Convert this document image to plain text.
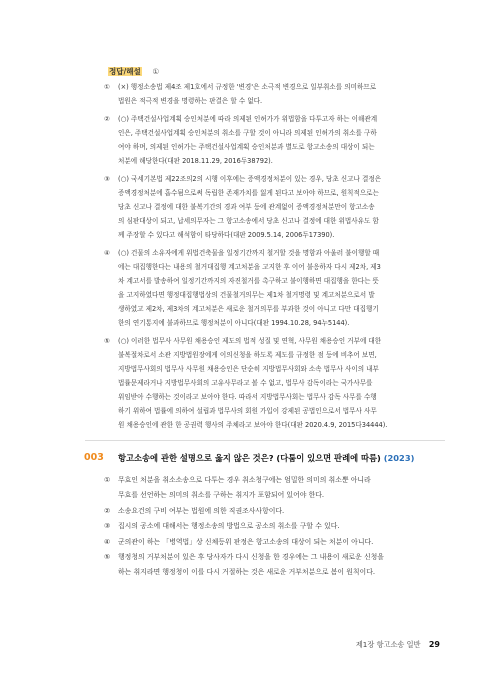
정답/해설 ①
① (×) 행정소송법 제4조 제1호에서 규정한 '변경'은 소극적 변경으로 일부취소를 의미하므로
법원은 적극적 변경을 명령하는 판결은 할 수 없다.
② (○) 주택건설사업계획 승인처분에 따라 의제된 인허가가 위법함을 다투고자 하는 이해관계
인은, 주택건설사업계획 승인처분의 취소를 구할 것이 아니라 의제된 인허가의 취소를 구하
여야 하며, 의제된 인허가는 주택건설사업계획 승인처분과 별도로 항고소송의 대상이 되는
처분에 해당한다(대판 2018.11.29, 2016두38792).
③ (○) 국세기본법 제22조의2의 시행 이후에는 증액경정처분이 있는 경우, 당초 신고나 결정은
증액경정처분에 흡수됨으로써 독립한 존재가치를 잃게 된다고 보아야 하므로, 원칙적으로는
당초 신고나 결정에 대한 불복기간의 경과 여부 등에 관계없이 증액경정처분만이 항고소송
의 심판대상이 되고, 납세의무자는 그 항고소송에서 당초 신고나 결정에 대한 위법사유도 함
께 주장할 수 있다고 해석함이 타당하다(대판 2009.5.14, 2006두17390).
④ (○) 건물의 소유자에게 위법건축물을 일정기간까지 철거할 것을 명함과 아울러 불이행할 때
에는 대집행한다는 내용의 철거대집행 계고처분을 고지한 후 이어 불응하자 다시 제2차, 제3
차 계고서를 발송하여 일정기간까지의 자진철거를 촉구하고 불이행하면 대집행을 한다는 뜻
을 고지하였다면 행정대집행법상의 건물철거의무는 제1차 철거명령 및 계고처분으로서 발
생하였고 제2차, 제3차의 계고처분은 새로운 철거의무를 부과한 것이 아니고 다만 대집행기
한의 연기통지에 불과하므로 행정처분이 아니다(대판 1994.10.28, 94누5144).
⑤ (○) 이러한 법무사 사무원 채용승인 제도의 법적 성질 및 연혁, 사무원 채용승인 거부에 대한
불복절차로서 소관 지방법원장에게 이의신청을 하도록 제도를 규정한 점 등에 비추어 보면,
지방법무사회의 법무사 사무원 채용승인은 단순히 지방법무사회와 소속 법무사 사이의 내부
법률문제라거나 지방법무사회의 고유사무라고 볼 수 없고, 법무사 감독이라는 국가사무를
위임받아 수행하는 것이라고 보아야 한다. 따라서 지방법무사회는 법무사 감독 사무를 수행
하기 위하여 법률에 의하여 설립과 법무사의 회원 가입이 강제된 공법인으로서 법무사 사무
원 채용승인에 관한 한 공권력 행사의 주체라고 보아야 한다(대판 2020.4.9, 2015다34444).
003 항고소송에 관한 설명으로 옳지 않은 것은? (다툼이 있으면 판례에 따름) (2023)
① 무효인 처분을 취소소송으로 다투는 경우 취소청구에는 엄밀한 의미의 취소뿐 아니라
무효를 선언하는 의미의 취소를 구하는 취지가 포함되어 있어야 한다.
② 소송요건의 구비 여부는 법원에 의한 직권조사사항이다.
③ 집시의 공소에 대해서는 행정소송의 방법으로 공소의 취소를 구할 수 있다.
④ 군의관이 하는 「병역법」상 신체등위 판정은 항고소송의 대상이 되는 처분이 아니다.
⑤ 행정청의 거부처분이 있은 후 당사자가 다시 신청을 한 경우에는 그 내용이 새로운 신청을
하는 취지라면 행정청이 이를 다시 거절하는 것은 새로운 거부처분으로 봄이 원칙이다.
제1장 항고소송 일반 29
